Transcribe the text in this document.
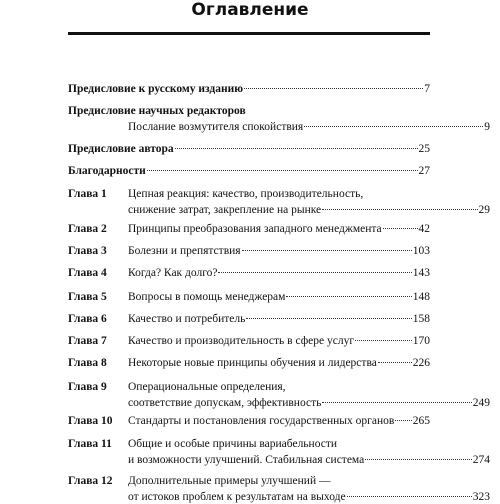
Оглавление
Предисловие к русскому изданию	7
Предисловие научных редакторов
Послание возмутителя спокойствия	9
Предисловие автора	25
Благодарности	27
Глава 1	Цепная реакция: качество, производительность,
снижение затрат, закрепление на рынке	29
Глава 2	Принципы преобразования западного менеджмента	42
Глава 3	Болезни и препятствия	103
Глава 4	Когда? Как долго?	143
Глава 5	Вопросы в помощь менеджерам	148
Глава 6	Качество и потребитель	158
Глава 7	Качество и производительность в сфере услуг	170
Глава 8	Некоторые новые принципы обучения и лидерства	226
Глава 9	Операциональные определения,
соответствие допускам, эффективность	249
Глава 10	Стандарты и постановления государственных органов 265
Глава 11	Общие и особые причины вариабельности
и возможности улучшений. Стабильная система	274
Глава 12	Дополнительные примеры улучшений —
от истоков проблем к результатам на выходе	323
